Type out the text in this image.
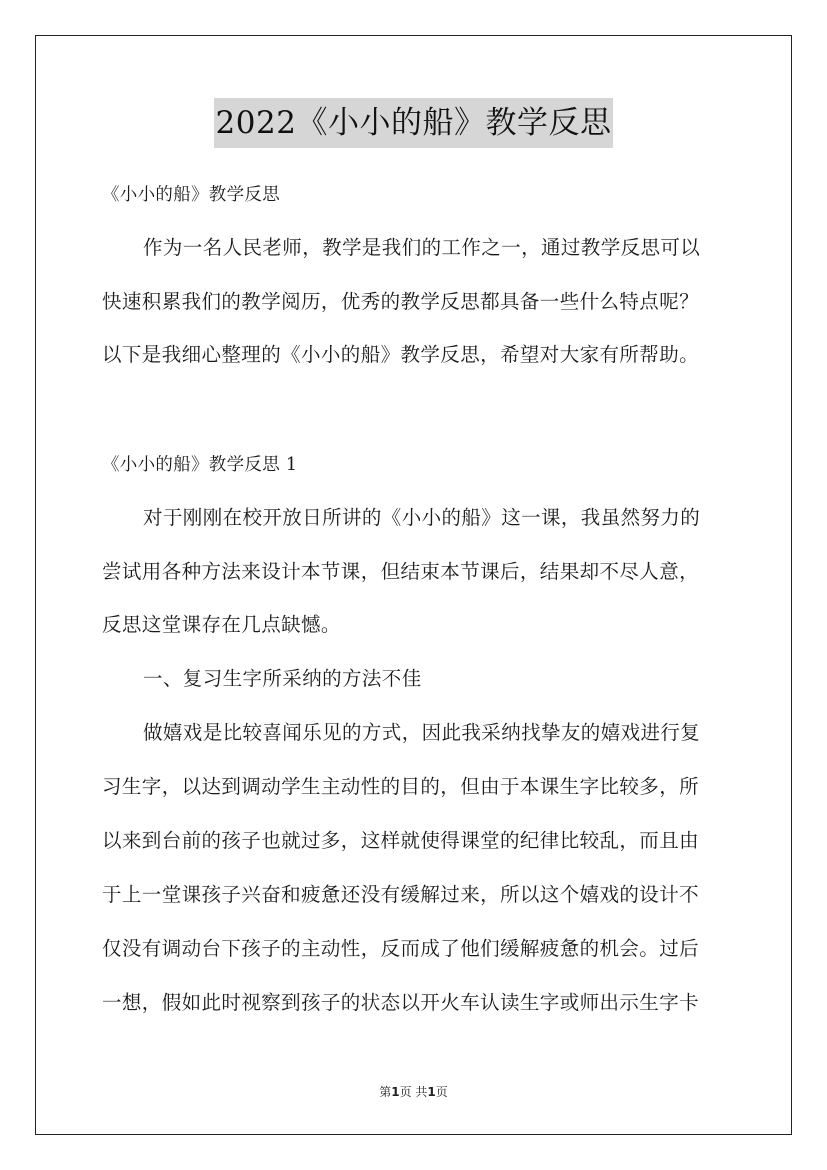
2022《小小的船》教学反思
《小小的船》教学反思
作为一名人民老师，教学是我们的工作之一，通过教学反思可以
快速积累我们的教学阅历，优秀的教学反思都具备一些什么特点呢？
以下是我细心整理的《小小的船》教学反思，希望对大家有所帮助。
《小小的船》教学反思 1
对于刚刚在校开放日所讲的《小小的船》这一课，我虽然努力的
尝试用各种方法来设计本节课，但结束本节课后，结果却不尽人意，
反思这堂课存在几点缺憾。
一、复习生字所采纳的方法不佳
做嬉戏是比较喜闻乐见的方式，因此我采纳找挚友的嬉戏进行复
习生字，以达到调动学生主动性的目的，但由于本课生字比较多，所
以来到台前的孩子也就过多，这样就使得课堂的纪律比较乱，而且由
于上一堂课孩子兴奋和疲惫还没有缓解过来，所以这个嬉戏的设计不
仅没有调动台下孩子的主动性，反而成了他们缓解疲惫的机会。过后
一想，假如此时视察到孩子的状态以开火车认读生字或师出示生字卡
第1页 共1页
